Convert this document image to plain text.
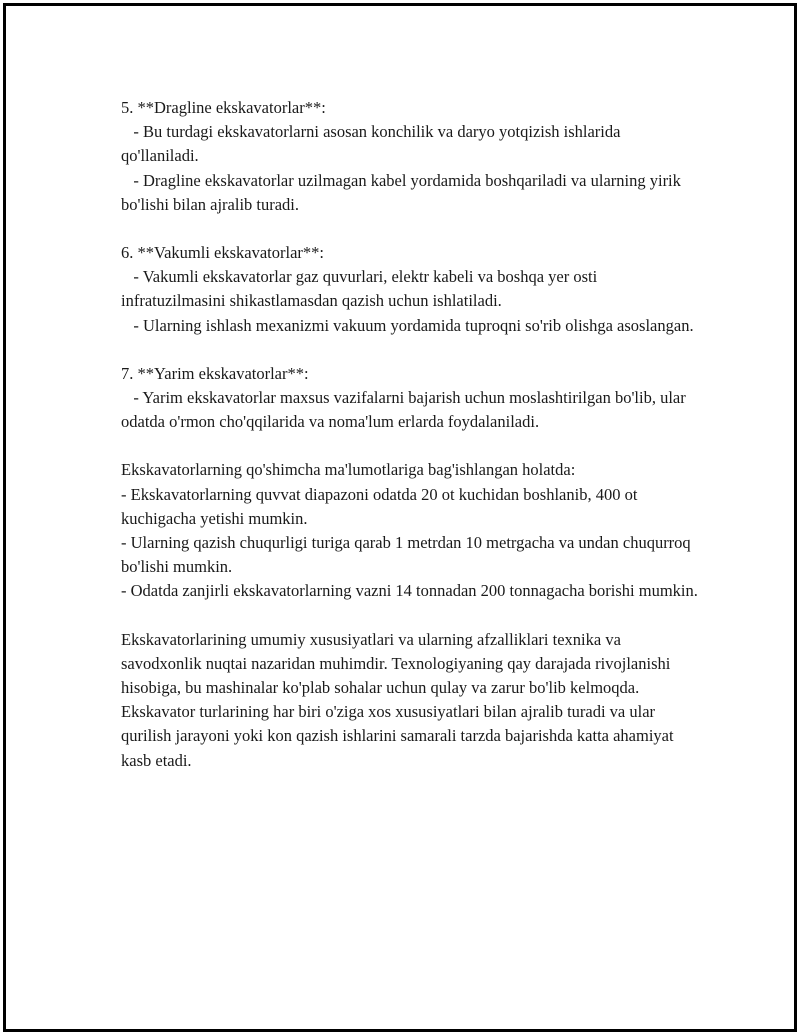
5. **Dragline ekskavatorlar**:
- Bu turdagi ekskavatorlarni asosan konchilik va daryo yotqizish ishlarida qo'llaniladi.
- Dragline ekskavatorlar uzilmagan kabel yordamida boshqariladi va ularning yirik bo'lishi bilan ajralib turadi.
6. **Vakumli ekskavatorlar**:
- Vakumli ekskavatorlar gaz quvurlari, elektr kabeli va boshqa yer osti infratuzilmasini shikastlamasdan qazish uchun ishlatiladi.
- Ularning ishlash mexanizmi vakuum yordamida tuproqni so'rib olishga asoslangan.
7. **Yarim ekskavatorlar**:
- Yarim ekskavatorlar maxsus vazifalarni bajarish uchun moslashtirilgan bo'lib, ular odatda o'rmon cho'qqilarida va noma'lum erlarda foydalaniladi.
Ekskavatorlarning qo'shimcha ma'lumotlariga bag'ishlangan holatda:
- Ekskavatorlarning quvvat diapazoni odatda 20 ot kuchidan boshlanib, 400 ot kuchigacha yetishi mumkin.
- Ularning qazish chuqurligi turiga qarab 1 metrdan 10 metrgacha va undan chuqurroq bo'lishi mumkin.
- Odatda zanjirli ekskavatorlarning vazni 14 tonnadan 200 tonnagacha borishi mumkin.
Ekskavatorlarining umumiy xususiyatlari va ularning afzalliklari texnika va savodxonlik nuqtai nazaridan muhimdir. Texnologiyaning qay darajada rivojlanishi hisobiga, bu mashinalar ko'plab sohalar uchun qulay va zarur bo'lib kelmoqda. Ekskavator turlarining har biri o'ziga xos xususiyatlari bilan ajralib turadi va ular qurilish jarayoni yoki kon qazish ishlarini samarali tarzda bajarishda katta ahamiyat kasb etadi.
